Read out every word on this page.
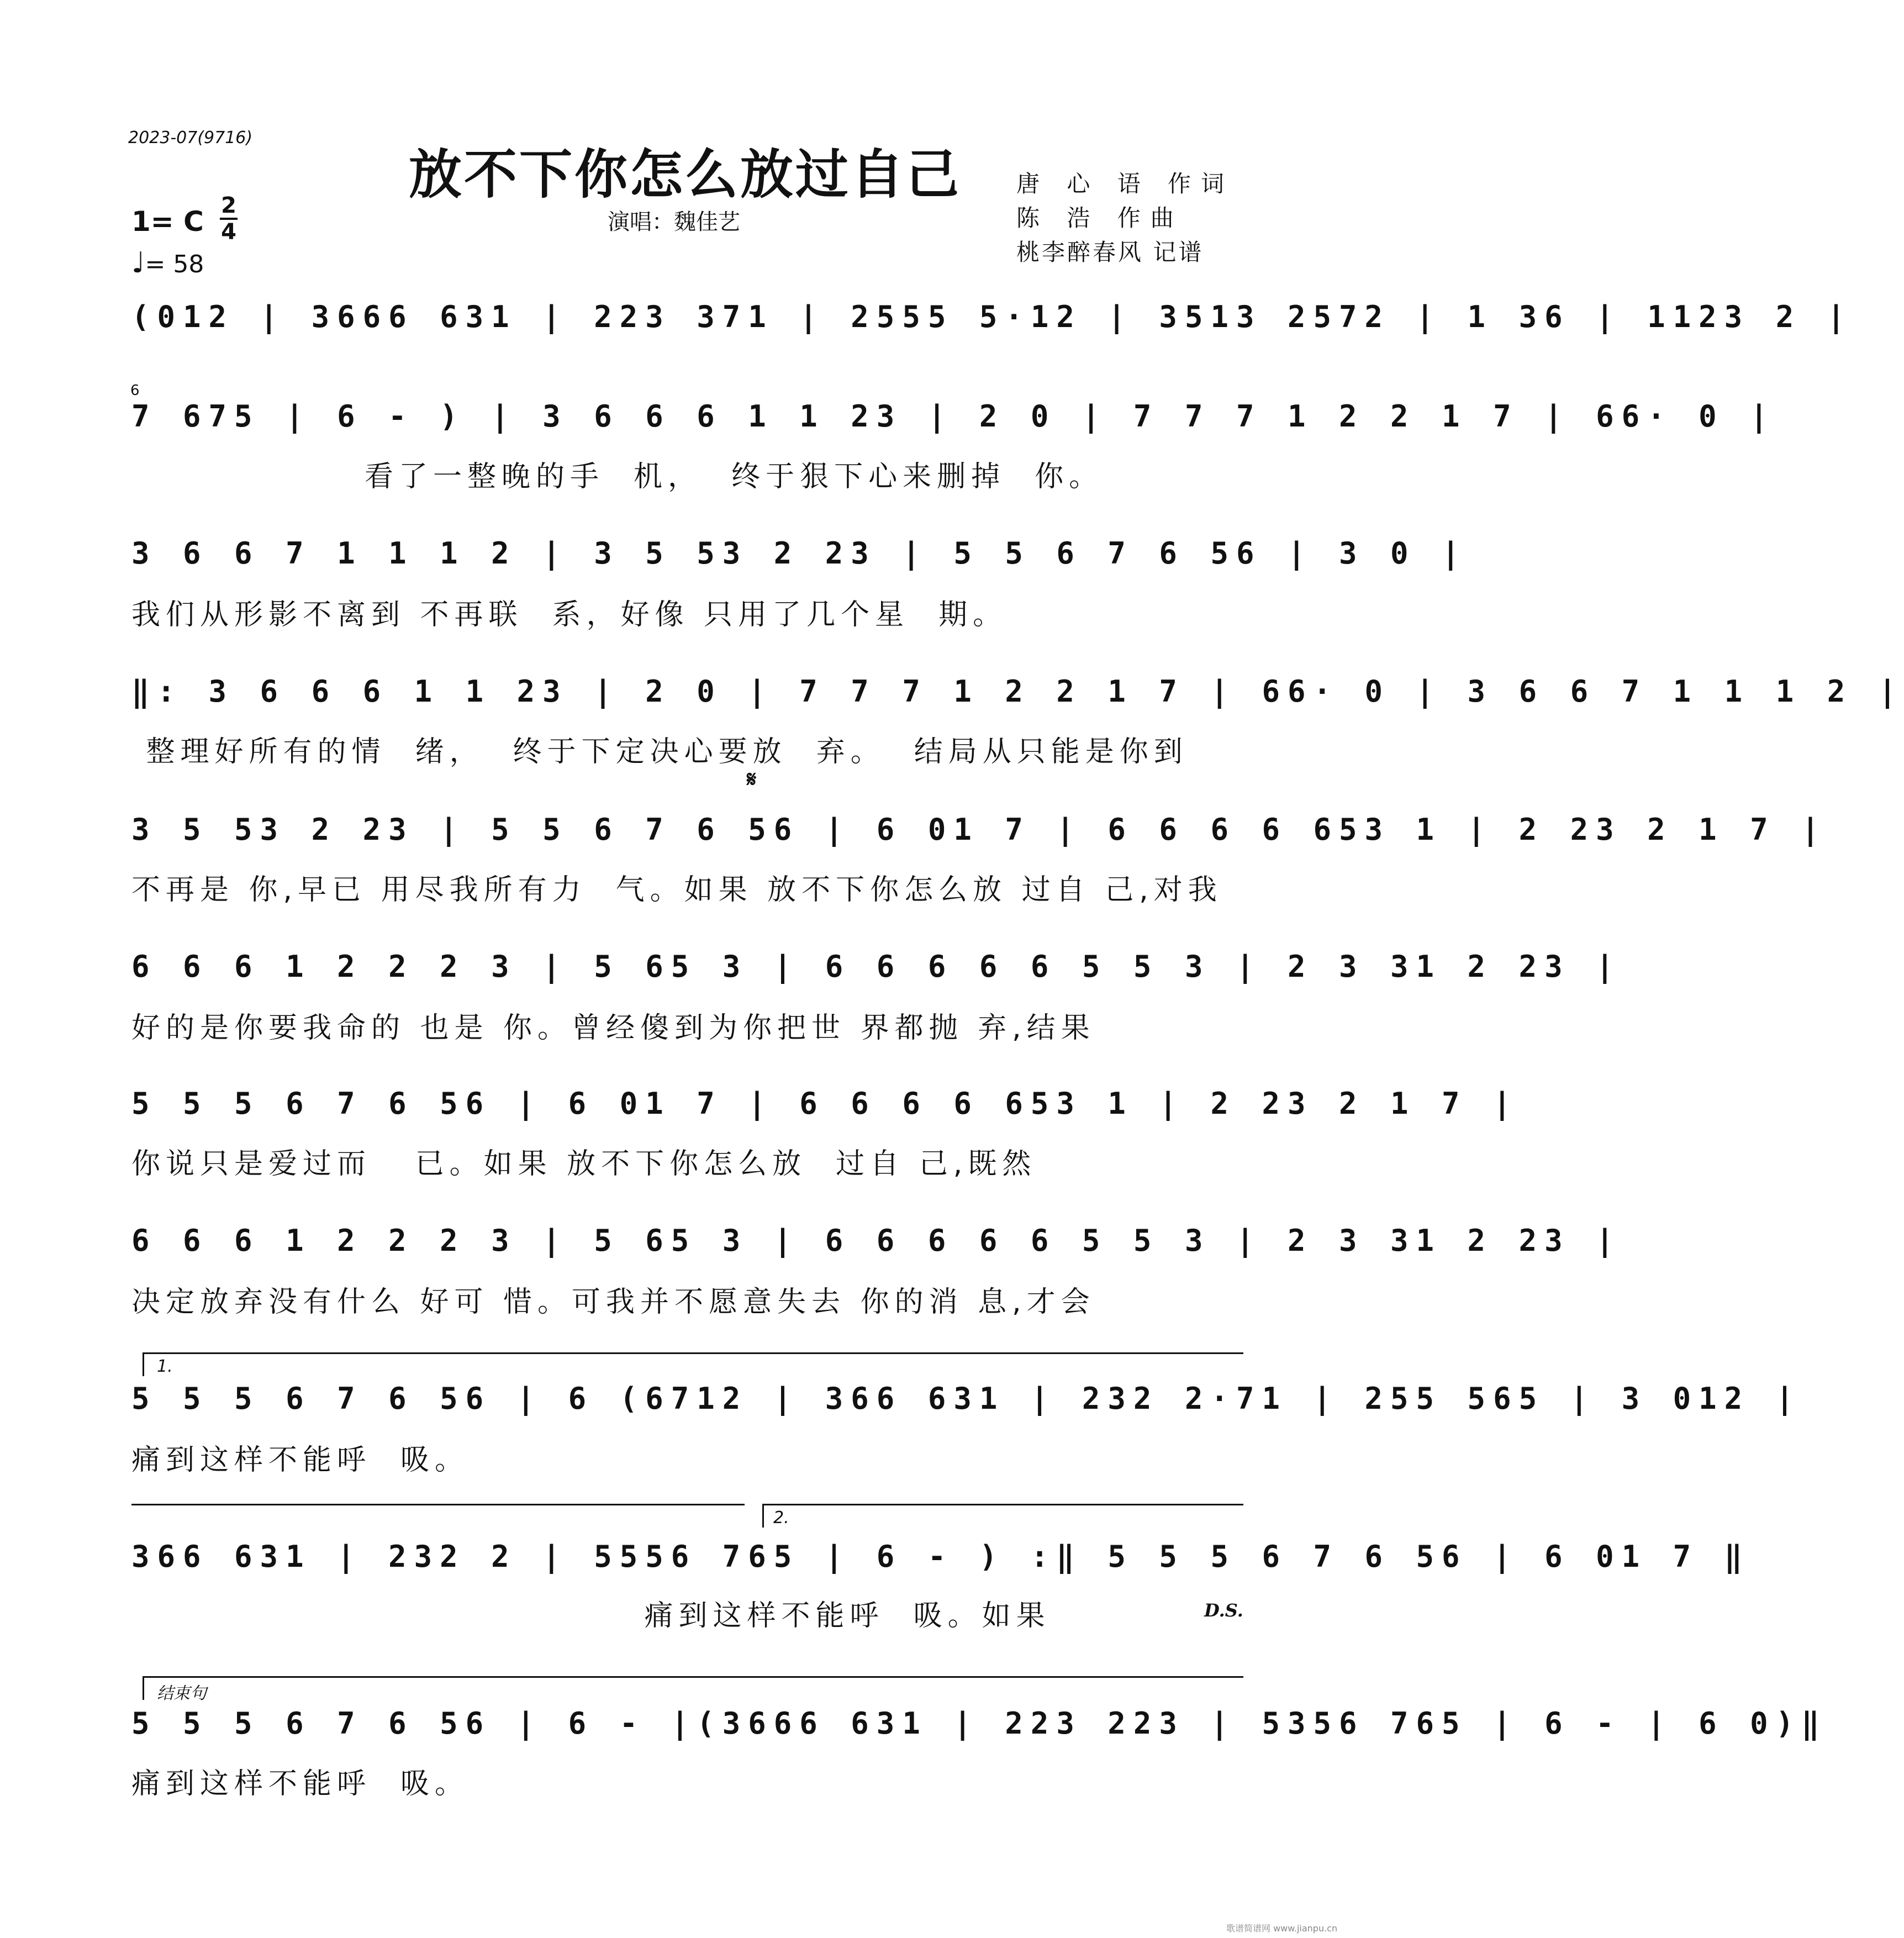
2023-07(9716)
放不下你怎么放过自己
演唱：魏佳艺
唐 心 语 作词
陈 浩 作曲
桃李醉春风 记谱
1= C 2
4
♩= 58
(012 | 3666 631 | 223 371 | 2555 5·12 | 3513 2572 | 1 36 | 1123 2 |
6
7 675 | 6 - ) | 3 6 6 6 1 1 23 | 2 0 | 7 7 7 1 2 2 1 7 | 66· 0 |
看了一整晚的手  机，  终于狠下心来删掉  你。
3 6 6 7 1 1 1 2 | 3 5 53 2 23 | 5 5 6 7 6 56 | 3 0 |
我们从形影不离到 不再联  系，好像 只用了几个星  期。
‖: 3 6 6 6 1 1 23 | 2 0 | 7 7 7 1 2 2 1 7 | 66· 0 | 3 6 6 7 1 1 1 2 |
整理好所有的情  绪，  终于下定决心要放  弃。  结局从只能是你到
𝄋
3 5 53 2 23 | 5 5 6 7 6 56 | 6 01 7 | 6 6 6 6 653 1 | 2 23 2 1 7 |
不再是 你,早已 用尽我所有力  气。如果 放不下你怎么放 过自 己,对我
6 6 6 1 2 2 2 3 | 5 65 3 | 6 6 6 6 6 5 5 3 | 2 3 31 2 23 |
好的是你要我命的 也是 你。曾经傻到为你把世 界都抛 弃,结果
5 5 5 6 7 6 56 | 6 01 7 | 6 6 6 6 653 1 | 2 23 2 1 7 |
你说只是爱过而   已。如果 放不下你怎么放  过自 己,既然
6 6 6 1 2 2 2 3 | 5 65 3 | 6 6 6 6 6 5 5 3 | 2 3 31 2 23 |
决定放弃没有什么 好可 惜。可我并不愿意失去 你的消 息,才会
1.
5 5 5 6 7 6 56 | 6 (6712 | 366 631 | 232 2·71 | 255 565 | 3 012 |
痛到这样不能呼  吸。
2.
366 631 | 232 2 | 5556 765 | 6 - ) :‖ 5 5 5 6 7 6 56 | 6 01 7 ‖
痛到这样不能呼  吸。如果	D.S.
结束句
5 5 5 6 7 6 56 | 6 - |(3666 631 | 223 223 | 5356 765 | 6 - | 6 0)‖
痛到这样不能呼  吸。
歌谱简谱网 www.jianpu.cn
